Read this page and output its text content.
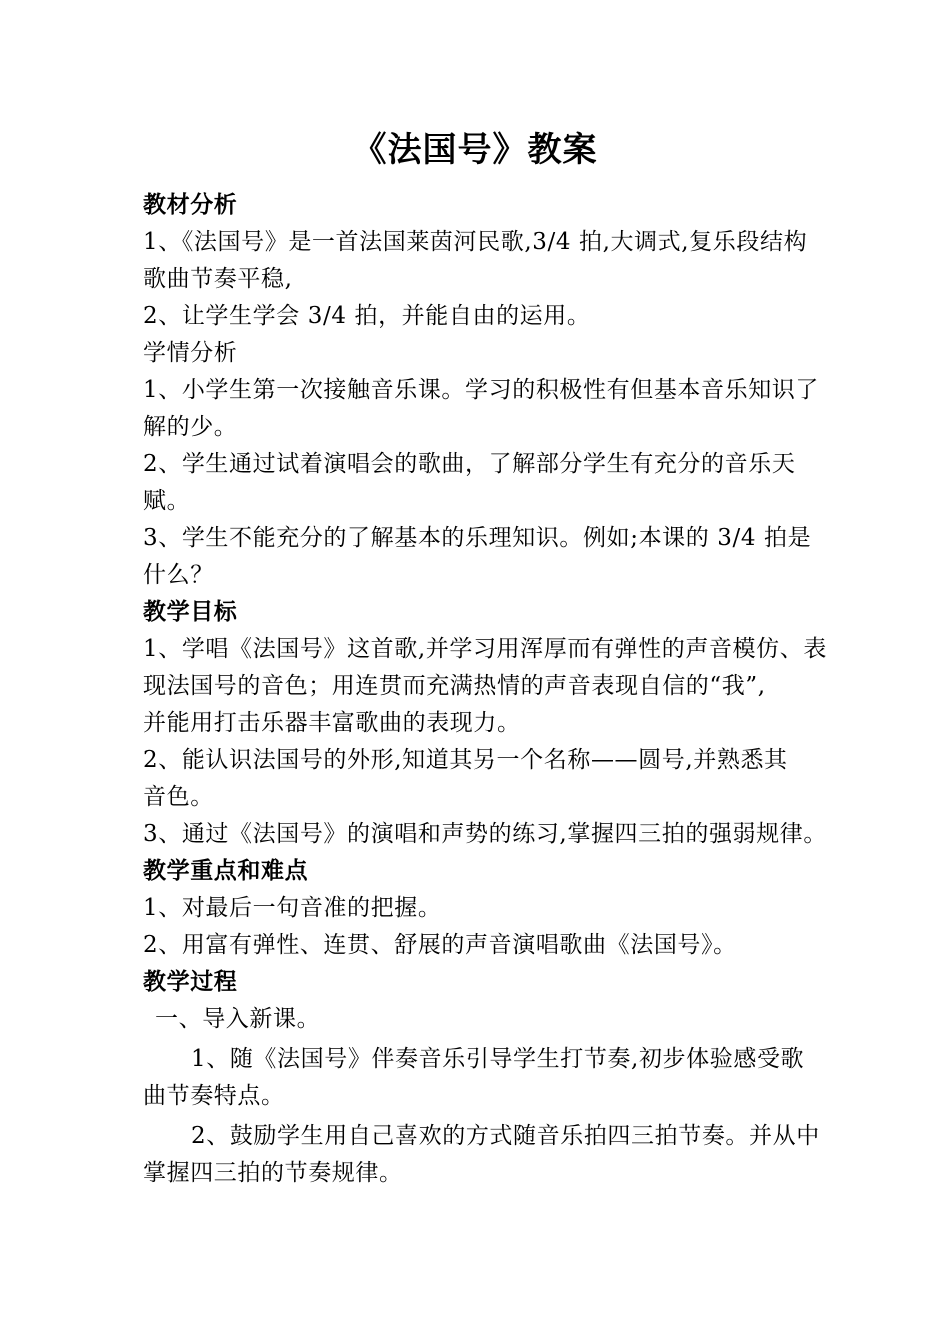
《法国号》教案
教材分析
1、《法国号》是一首法国莱茵河民歌,3/4 拍,大调式,复乐段结构
歌曲节奏平稳,
2、让学生学会 3/4 拍，并能自由的运用。
学情分析
1、小学生第一次接触音乐课。学习的积极性有但基本音乐知识了
解的少。
2、学生通过试着演唱会的歌曲，了解部分学生有充分的音乐天
赋。
3、学生不能充分的了解基本的乐理知识。例如;本课的 3/4 拍是
什么？
教学目标
1、学唱《法国号》这首歌,并学习用浑厚而有弹性的声音模仿、表
现法国号的音色；用连贯而充满热情的声音表现自信的“我”,
并能用打击乐器丰富歌曲的表现力。
2、能认识法国号的外形,知道其另一个名称——圆号,并熟悉其
音色。
3、通过《法国号》的演唱和声势的练习,掌握四三拍的强弱规律。
教学重点和难点
1、对最后一句音准的把握。
2、用富有弹性、连贯、舒展的声音演唱歌曲《法国号》。
教学过程
一、导入新课。
1、随《法国号》伴奏音乐引导学生打节奏,初步体验感受歌
曲节奏特点。
2、鼓励学生用自己喜欢的方式随音乐拍四三拍节奏。并从中
掌握四三拍的节奏规律。
